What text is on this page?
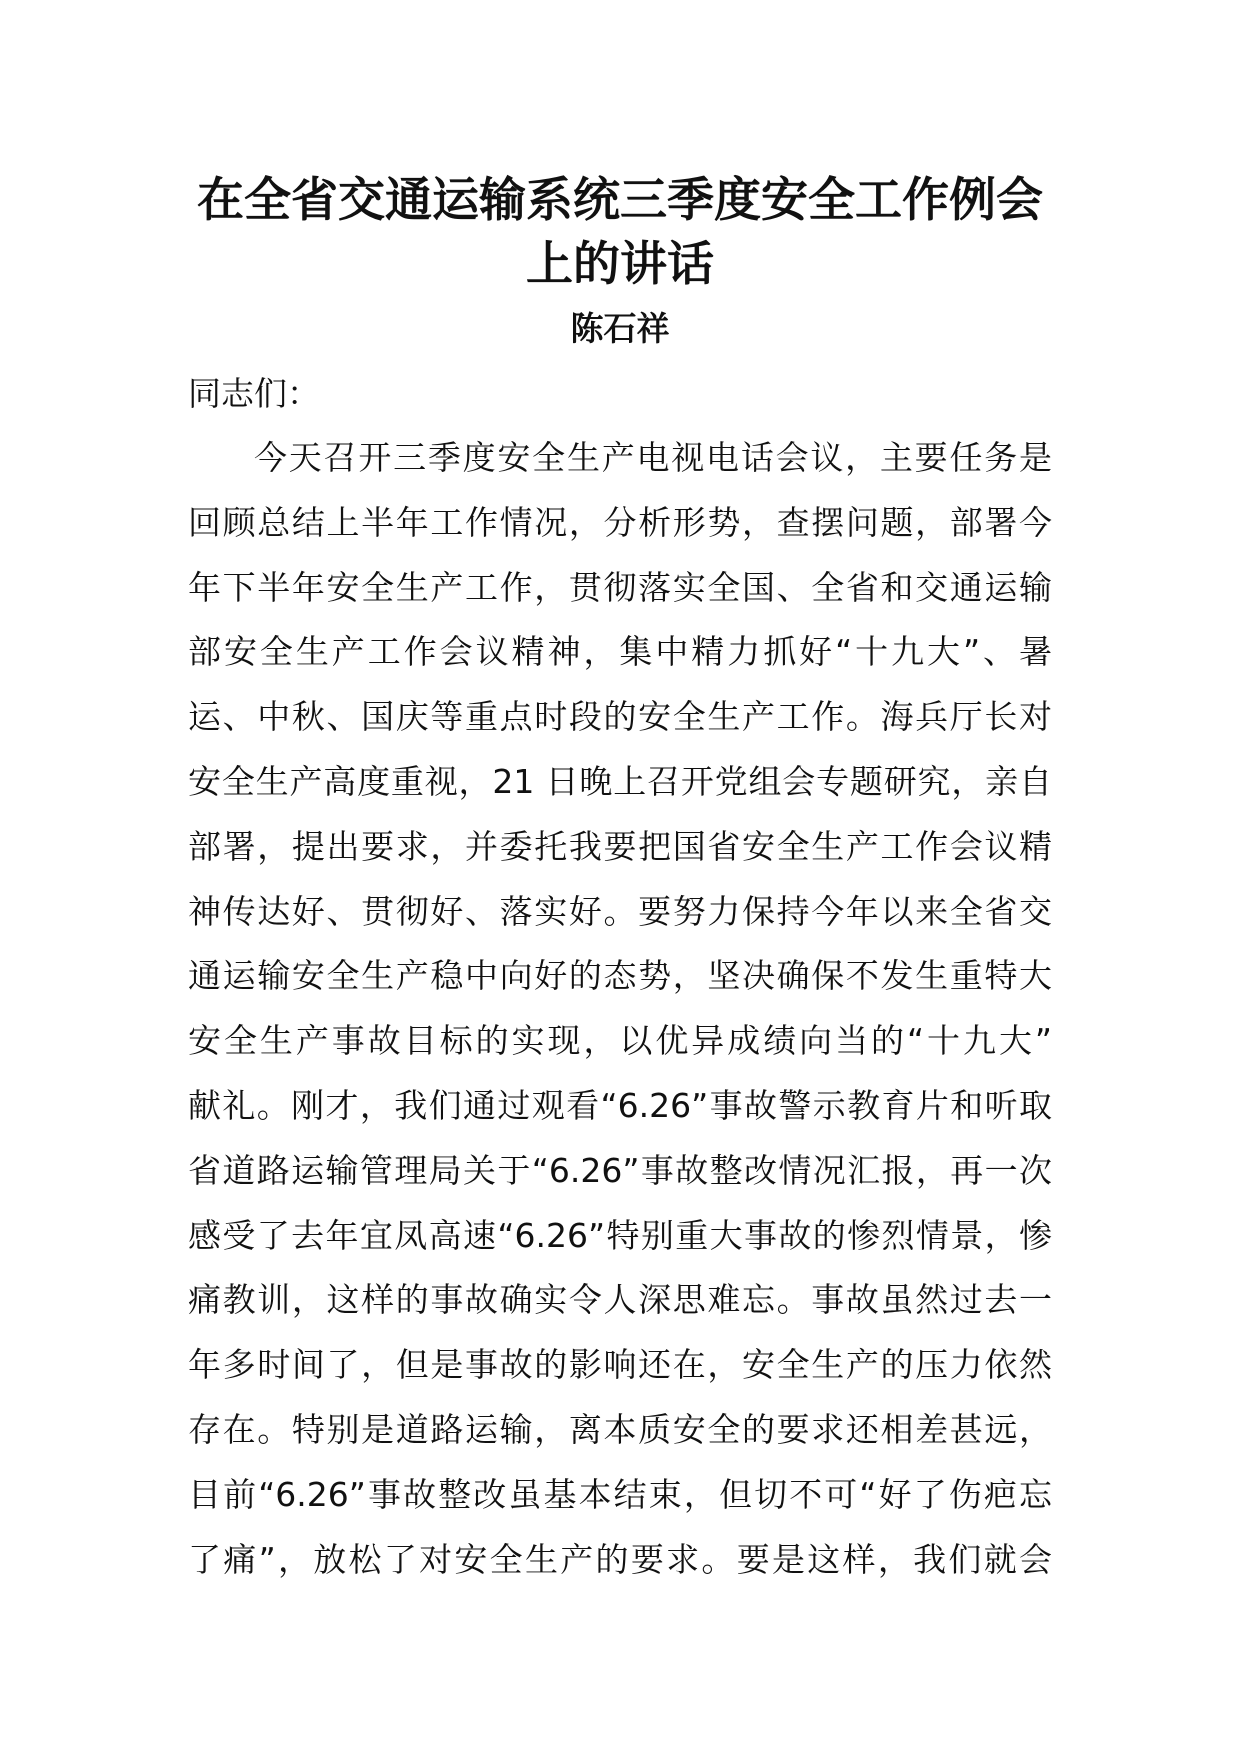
在全省交通运输系统三季度安全工作例会
上的讲话
陈石祥
同志们：
今天召开三季度安全生产电视电话会议，主要任务是
回顾总结上半年工作情况，分析形势，查摆问题，部署今
年下半年安全生产工作，贯彻落实全国、全省和交通运输
部安全生产工作会议精神，集中精力抓好“十九大”、暑
运、中秋、国庆等重点时段的安全生产工作。海兵厅长对
安全生产高度重视，21 日晚上召开党组会专题研究，亲自
部署，提出要求，并委托我要把国省安全生产工作会议精
神传达好、贯彻好、落实好。要努力保持今年以来全省交
通运输安全生产稳中向好的态势，坚决确保不发生重特大
安全生产事故目标的实现，以优异成绩向当的“十九大”
献礼。刚才，我们通过观看“6.26”事故警示教育片和听取
省道路运输管理局关于“6.26”事故整改情况汇报，再一次
感受了去年宜凤高速“6.26”特别重大事故的惨烈情景，惨
痛教训，这样的事故确实令人深思难忘。事故虽然过去一
年多时间了，但是事故的影响还在，安全生产的压力依然
存在。特别是道路运输，离本质安全的要求还相差甚远，
目前“6.26”事故整改虽基本结束，但切不可“好了伤疤忘
了痛”，放松了对安全生产的要求。要是这样，我们就会
